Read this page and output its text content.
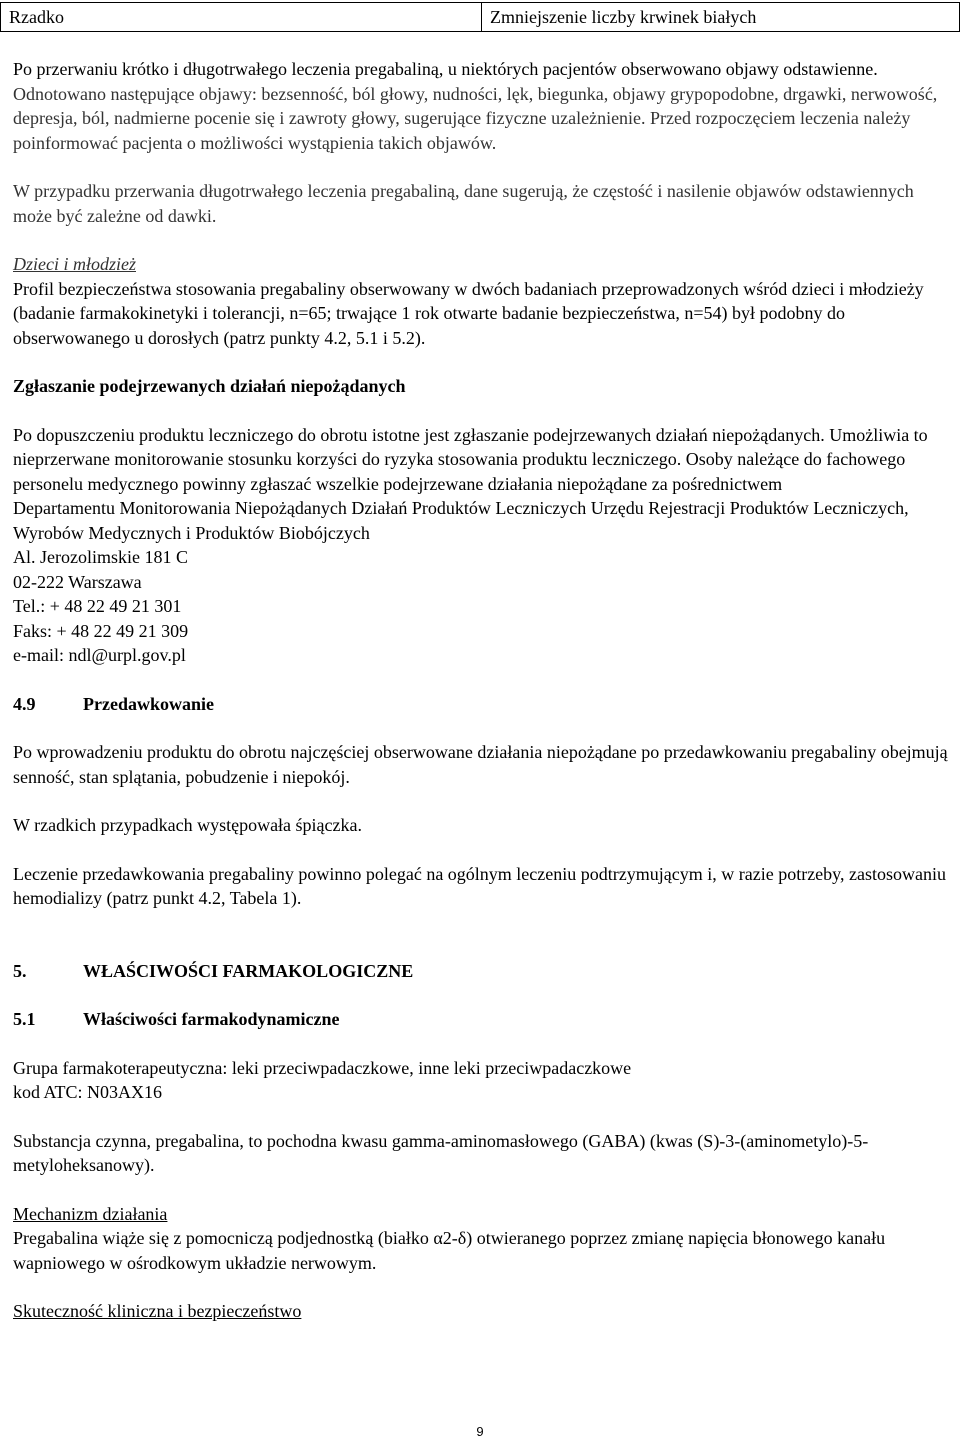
Rzadko	Zmniejszenie liczby krwinek białych

Po przerwaniu krótko i długotrwałego leczenia pregabaliną, u niektórych pacjentów obserwowano objawy odstawienne. Odnotowano następujące objawy: bezsenność, ból głowy, nudności, lęk, biegunka, objawy grypopodobne, drgawki, nerwowość, depresja, ból, nadmierne pocenie się i zawroty głowy, sugerujące fizyczne uzależnienie. Przed rozpoczęciem leczenia należy poinformować pacjenta o możliwości wystąpienia takich objawów.

W przypadku przerwania długotrwałego leczenia pregabaliną, dane sugerują, że częstość i nasilenie objawów odstawiennych może być zależne od dawki.

Dzieci i młodzież

Profil bezpieczeństwa stosowania pregabaliny obserwowany w dwóch badaniach przeprowadzonych wśród dzieci i młodzieży (badanie farmakokinetyki i tolerancji, n=65; trwające 1 rok otwarte badanie bezpieczeństwa, n=54) był podobny do obserwowanego u dorosłych (patrz punkty 4.2, 5.1 i 5.2).

Zgłaszanie podejrzewanych działań niepożądanych

Po dopuszczeniu produktu leczniczego do obrotu istotne jest zgłaszanie podejrzewanych działań niepożądanych. Umożliwia to nieprzerwane monitorowanie stosunku korzyści do ryzyka stosowania produktu leczniczego. Osoby należące do fachowego personelu medycznego powinny zgłaszać wszelkie podejrzewane działania niepożądane za pośrednictwem

Departamentu Monitorowania Niepożądanych Działań Produktów Leczniczych Urzędu Rejestracji Produktów Leczniczych, Wyrobów Medycznych i Produktów Biobójczych

Al. Jerozolimskie 181 C

02-222 Warszawa

Tel.: + 48 22 49 21 301

Faks: + 48 22 49 21 309

e-mail: ndl@urpl.gov.pl

4.9	Przedawkowanie

Po wprowadzeniu produktu do obrotu najczęściej obserwowane działania niepożądane po przedawkowaniu pregabaliny obejmują senność, stan splątania, pobudzenie i niepokój.

W rzadkich przypadkach występowała śpiączka.

Leczenie przedawkowania pregabaliny powinno polegać na ogólnym leczeniu podtrzymującym i, w razie potrzeby, zastosowaniu hemodializy (patrz punkt 4.2, Tabela 1).

5.	WŁAŚCIWOŚCI FARMAKOLOGICZNE

5.1	Właściwości farmakodynamiczne

Grupa farmakoterapeutyczna: leki przeciwpadaczkowe, inne leki przeciwpadaczkowe

kod ATC: N03AX16

Substancja czynna, pregabalina, to pochodna kwasu gamma-aminomasłowego (GABA) (kwas (S)-3-(aminometylo)-5-metyloheksanowy).

Mechanizm działania

Pregabalina wiąże się z pomocniczą podjednostką (białko α2-δ) otwieranego poprzez zmianę napięcia błonowego kanału wapniowego w ośrodkowym układzie nerwowym.

Skuteczność kliniczna i bezpieczeństwo

9
